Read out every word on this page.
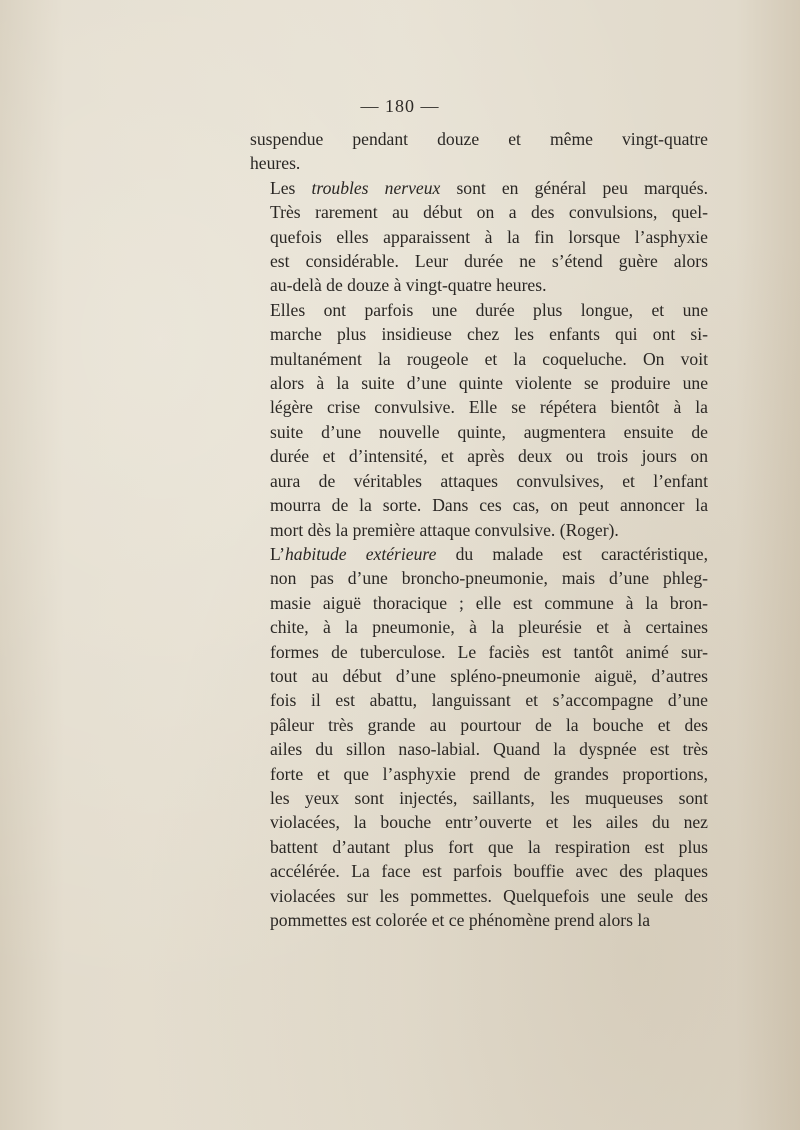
— 180 —

suspendue pendant douze et même vingt-quatre
heures.

Les troubles nerveux sont en général peu marqués.
Très rarement au début on a des convulsions, quel-
quefois elles apparaissent à la fin lorsque l’asphyxie
est considérable. Leur durée ne s’étend guère alors
au-delà de douze à vingt-quatre heures.

Elles ont parfois une durée plus longue, et une
marche plus insidieuse chez les enfants qui ont si-
multanément la rougeole et la coqueluche. On voit
alors à la suite d’une quinte violente se produire une
légère crise convulsive. Elle se répétera bientôt à la
suite d’une nouvelle quinte, augmentera ensuite de
durée et d’intensité, et après deux ou trois jours on
aura de véritables attaques convulsives, et l’enfant
mourra de la sorte. Dans ces cas, on peut annoncer la
mort dès la première attaque convulsive. (Roger).

L’habitude extérieure du malade est caractéristique,
non pas d’une broncho-pneumonie, mais d’une phleg-
masie aiguë thoracique ; elle est commune à la bron-
chite, à la pneumonie, à la pleurésie et à certaines
formes de tuberculose. Le faciès est tantôt animé sur-
tout au début d’une spléno-pneumonie aiguë, d’autres
fois il est abattu, languissant et s’accompagne d’une
pâleur très grande au pourtour de la bouche et des
ailes du sillon naso-labial. Quand la dyspnée est très
forte et que l’asphyxie prend de grandes proportions,
les yeux sont injectés, saillants, les muqueuses sont
violacées, la bouche entr’ouverte et les ailes du nez
battent d’autant plus fort que la respiration est plus
accélérée. La face est parfois bouffie avec des plaques
violacées sur les pommettes. Quelquefois une seule des
pommettes est colorée et ce phénomène prend alors la
